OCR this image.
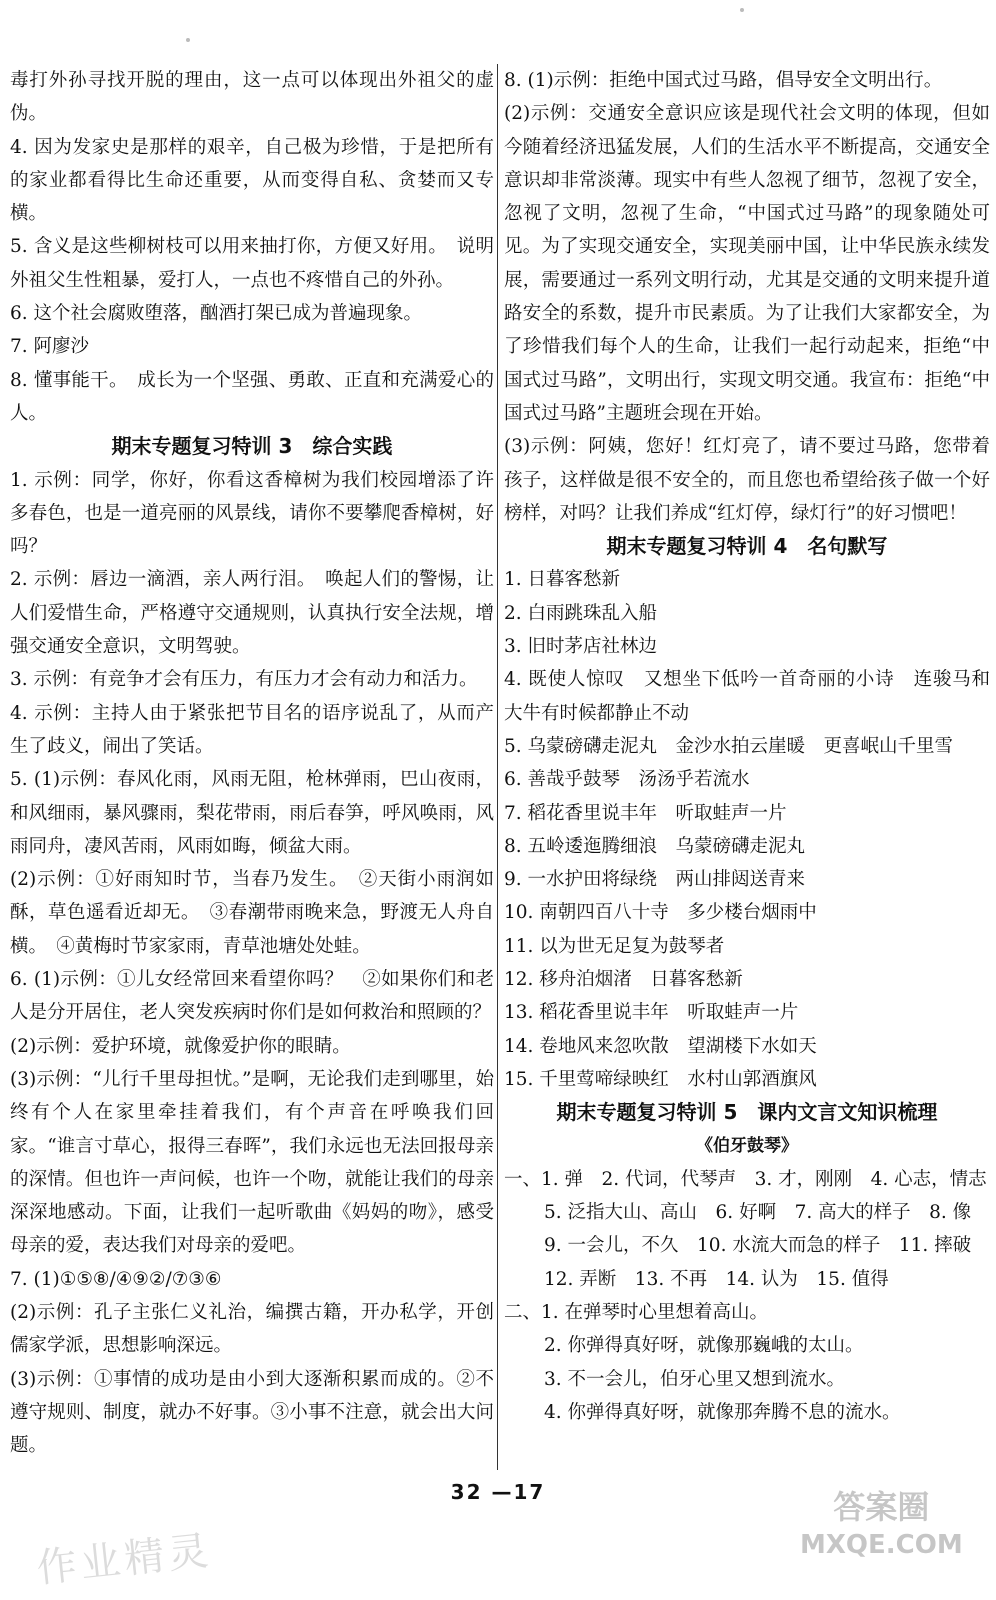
毒打外孙寻找开脱的理由，这一点可以体现出外祖父的虚伪。

4. 因为发家史是那样的艰辛，自己极为珍惜，于是把所有的家业都看得比生命还重要，从而变得自私、贪婪而又专横。

5. 含义是这些柳树枝可以用来抽打你，方便又好用。　说明外祖父生性粗暴，爱打人，一点也不疼惜自己的外孙。

6. 这个社会腐败堕落，酗酒打架已成为普遍现象。

7. 阿廖沙

8. 懂事能干。　成长为一个坚强、勇敢、正直和充满爱心的人。

期末专题复习特训 3　综合实践

1. 示例：同学，你好，你看这香樟树为我们校园增添了许多春色，也是一道亮丽的风景线，请你不要攀爬香樟树，好吗？

2. 示例：唇边一滴酒，亲人两行泪。　唤起人们的警惕，让人们爱惜生命，严格遵守交通规则，认真执行安全法规，增强交通安全意识，文明驾驶。

3. 示例：有竞争才会有压力，有压力才会有动力和活力。

4. 示例：主持人由于紧张把节目名的语序说乱了，从而产生了歧义，闹出了笑话。

5. (1)示例：春风化雨，风雨无阻，枪林弹雨，巴山夜雨，和风细雨，暴风骤雨，梨花带雨，雨后春笋，呼风唤雨，风雨同舟，凄风苦雨，风雨如晦，倾盆大雨。

(2)示例：①好雨知时节，当春乃发生。　②天街小雨润如酥，草色遥看近却无。　③春潮带雨晚来急，野渡无人舟自横。　④黄梅时节家家雨，青草池塘处处蛙。

6. (1)示例：①儿女经常回来看望你吗？　②如果你们和老人是分开居住，老人突发疾病时你们是如何救治和照顾的？

(2)示例：爱护环境，就像爱护你的眼睛。

(3)示例：“儿行千里母担忧。”是啊，无论我们走到哪里，始终有个人在家里牵挂着我们，有个声音在呼唤我们回家。“谁言寸草心，报得三春晖”，我们永远也无法回报母亲的深情。但也许一声问候，也许一个吻，就能让我们的母亲深深地感动。下面，让我们一起听歌曲《妈妈的吻》，感受母亲的爱，表达我们对母亲的爱吧。

7. (1)①⑤⑧/④⑨②/⑦③⑥

(2)示例：孔子主张仁义礼治，编撰古籍，开办私学，开创儒家学派，思想影响深远。

(3)示例：①事情的成功是由小到大逐渐积累而成的。②不遵守规则、制度，就办不好事。③小事不注意，就会出大问题。

8. (1)示例：拒绝中国式过马路，倡导安全文明出行。

(2)示例：交通安全意识应该是现代社会文明的体现，但如今随着经济迅猛发展，人们的生活水平不断提高，交通安全意识却非常淡薄。现实中有些人忽视了细节，忽视了安全，忽视了文明，忽视了生命，“中国式过马路”的现象随处可见。为了实现交通安全，实现美丽中国，让中华民族永续发展，需要通过一系列文明行动，尤其是交通的文明来提升道路安全的系数，提升市民素质。为了让我们大家都安全，为了珍惜我们每个人的生命，让我们一起行动起来，拒绝“中国式过马路”，文明出行，实现文明交通。我宣布：拒绝“中国式过马路”主题班会现在开始。

(3)示例：阿姨，您好！红灯亮了，请不要过马路，您带着孩子，这样做是很不安全的，而且您也希望给孩子做一个好榜样，对吗？让我们养成“红灯停，绿灯行”的好习惯吧！

期末专题复习特训 4　名句默写

1. 日暮客愁新

2. 白雨跳珠乱入船

3. 旧时茅店社林边

4. 既使人惊叹　又想坐下低吟一首奇丽的小诗　连骏马和大牛有时候都静止不动

5. 乌蒙磅礴走泥丸　金沙水拍云崖暖　更喜岷山千里雪

6. 善哉乎鼓琴　汤汤乎若流水

7. 稻花香里说丰年　听取蛙声一片

8. 五岭逶迤腾细浪　乌蒙磅礴走泥丸

9. 一水护田将绿绕　两山排闼送青来

10. 南朝四百八十寺　多少楼台烟雨中

11. 以为世无足复为鼓琴者

12. 移舟泊烟渚　日暮客愁新

13. 稻花香里说丰年　听取蛙声一片

14. 卷地风来忽吹散　望湖楼下水如天

15. 千里莺啼绿映红　水村山郭酒旗风

期末专题复习特训 5　课内文言文知识梳理
《伯牙鼓琴》

一、1. 弹　2. 代词，代琴声　3. 才，刚刚　4. 心志，情志

5. 泛指大山、高山　6. 好啊　7. 高大的样子　8. 像

9. 一会儿，不久　10. 水流大而急的样子　11. 摔破

12. 弄断　13. 不再　14. 认为　15. 值得

二、1. 在弹琴时心里想着高山。

2. 你弹得真好呀，就像那巍峨的太山。

3. 不一会儿，伯牙心里又想到流水。

4. 你弹得真好呀，就像那奔腾不息的流水。

32 —17
作业精灵
答案圈
MXQE.COM
